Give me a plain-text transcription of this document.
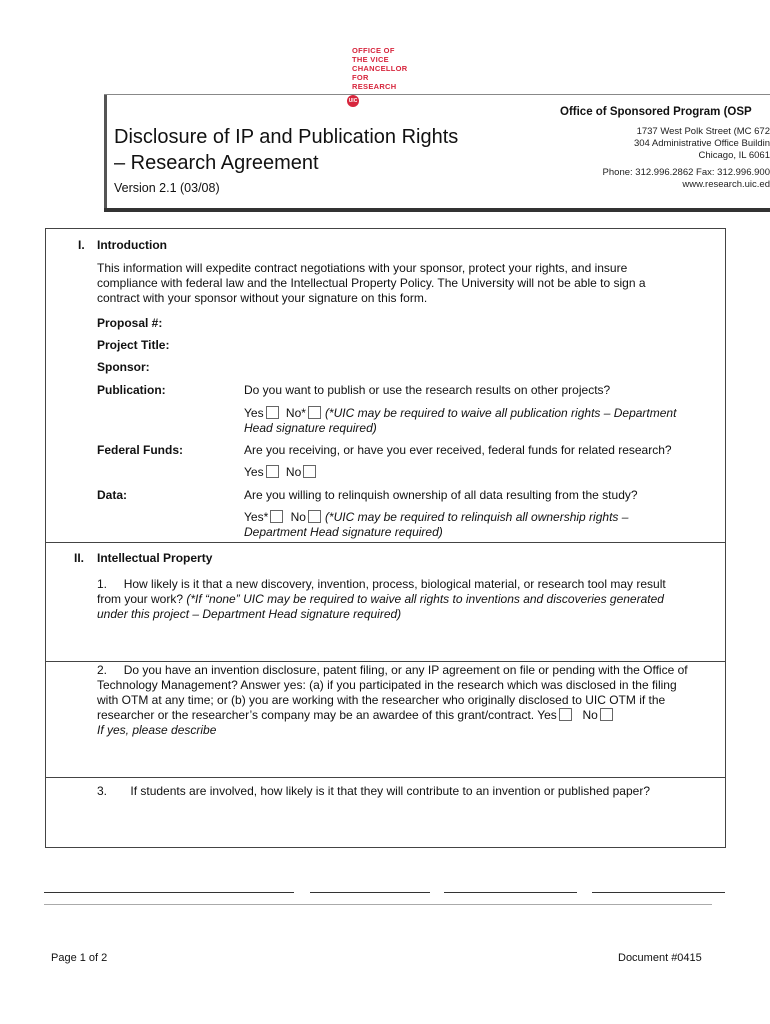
OFFICE OF
THE VICE
CHANCELLOR
FOR
RESEARCH
UIC
Disclosure of IP and Publication Rights
– Research Agreement
Version 2.1 (03/08)
Office of Sponsored Program (OSP
1737 West Polk Street (MC 672
304 Administrative Office Buildin
Chicago, IL 6061
Phone: 312.996.2862 Fax: 312.996.900
www.research.uic.ed
I. Introduction
This information will expedite contract negotiations with your sponsor, protect your rights, and insure
compliance with federal law and the Intellectual Property Policy. The University will not be able to sign a
contract with your sponsor without your signature on this form.
Proposal #:
Project Title:
Sponsor:
Publication:	Do you want to publish or use the research results on other projects?
Yes No* (*UIC may be required to waive all publication rights – Department
Head signature required)
Federal Funds:	Are you receiving, or have you ever received, federal funds for related research?
Yes No
Data:	Are you willing to relinquish ownership of all data resulting from the study?
Yes* No (*UIC may be required to relinquish all ownership rights –
Department Head signature required)
II. Intellectual Property
1. How likely is it that a new discovery, invention, process, biological material, or research tool may result
from your work? (*If “none” UIC may be required to waive all rights to inventions and discoveries generated
under this project – Department Head signature required)
2. Do you have an invention disclosure, patent filing, or any IP agreement on file or pending with the Office of
Technology Management? Answer yes: (a) if you participated in the research which was disclosed in the filing
with OTM at any time; or (b) you are working with the researcher who originally disclosed to UIC OTM if the
researcher or the researcher’s company may be an awardee of this grant/contract. Yes No
If yes, please describe
3. If students are involved, how likely is it that they will contribute to an invention or published paper?
Page 1 of 2	Document #0415
